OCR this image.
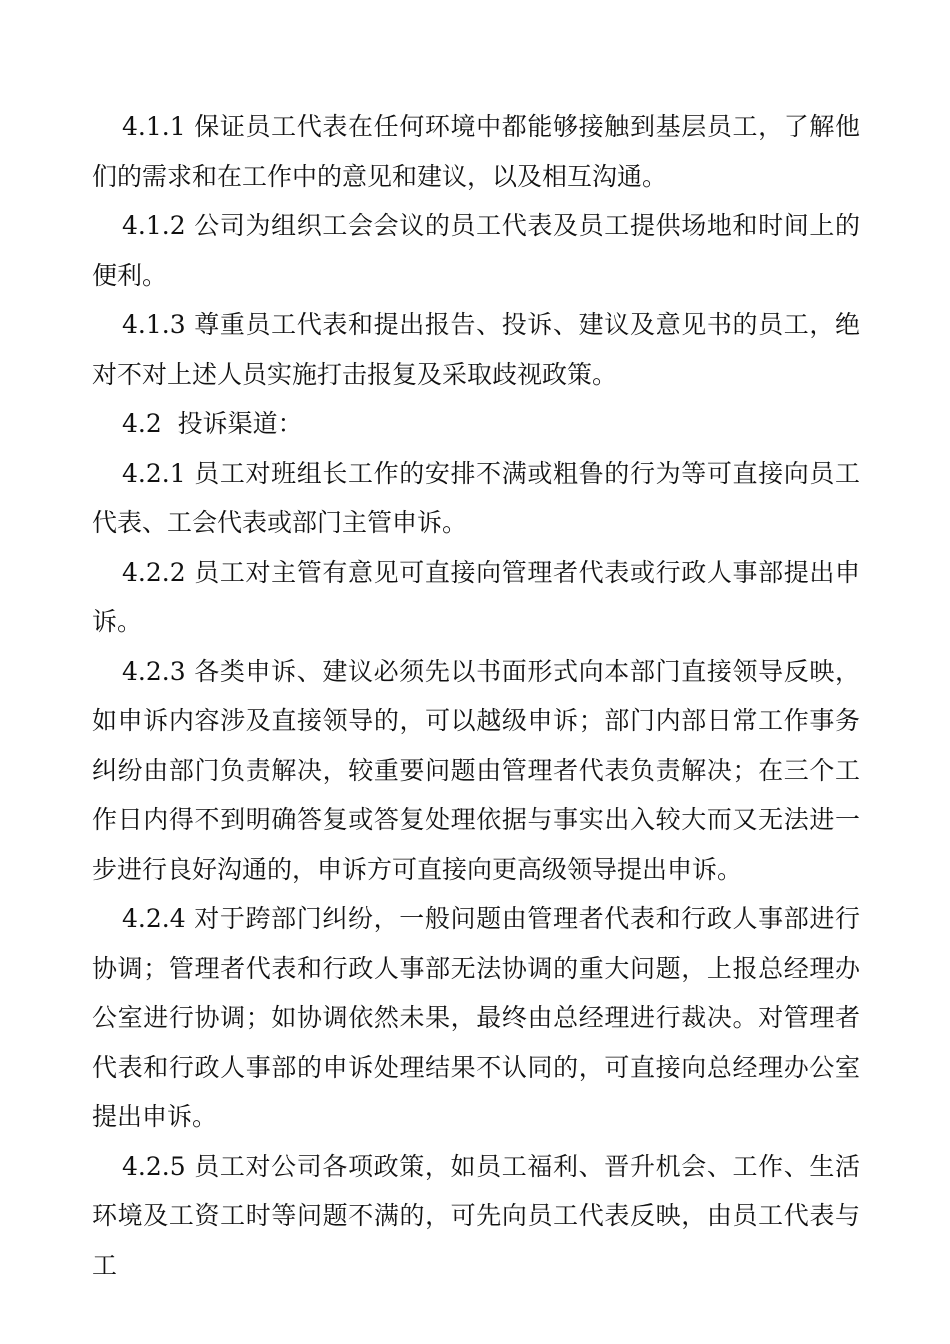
4.1.1 保证员工代表在任何环境中都能够接触到基层员工，了解他们的需求和在工作中的意见和建议，以及相互沟通。

4.1.2 公司为组织工会会议的员工代表及员工提供场地和时间上的便利。

4.1.3 尊重员工代表和提出报告、投诉、建议及意见书的员工，绝对不对上述人员实施打击报复及采取歧视政策。

4.2  投诉渠道：

4.2.1 员工对班组长工作的安排不满或粗鲁的行为等可直接向员工代表、工会代表或部门主管申诉。

4.2.2 员工对主管有意见可直接向管理者代表或行政人事部提出申诉。

4.2.3 各类申诉、建议必须先以书面形式向本部门直接领导反映，如申诉内容涉及直接领导的，可以越级申诉；部门内部日常工作事务纠纷由部门负责解决，较重要问题由管理者代表负责解决；在三个工作日内得不到明确答复或答复处理依据与事实出入较大而又无法进一步进行良好沟通的，申诉方可直接向更高级领导提出申诉。

4.2.4 对于跨部门纠纷，一般问题由管理者代表和行政人事部进行协调；管理者代表和行政人事部无法协调的重大问题，上报总经理办公室进行协调；如协调依然未果，最终由总经理进行裁决。对管理者代表和行政人事部的申诉处理结果不认同的，可直接向总经理办公室提出申诉。

4.2.5 员工对公司各项政策，如员工福利、晋升机会、工作、生活环境及工资工时等问题不满的，可先向员工代表反映，由员工代表与工
